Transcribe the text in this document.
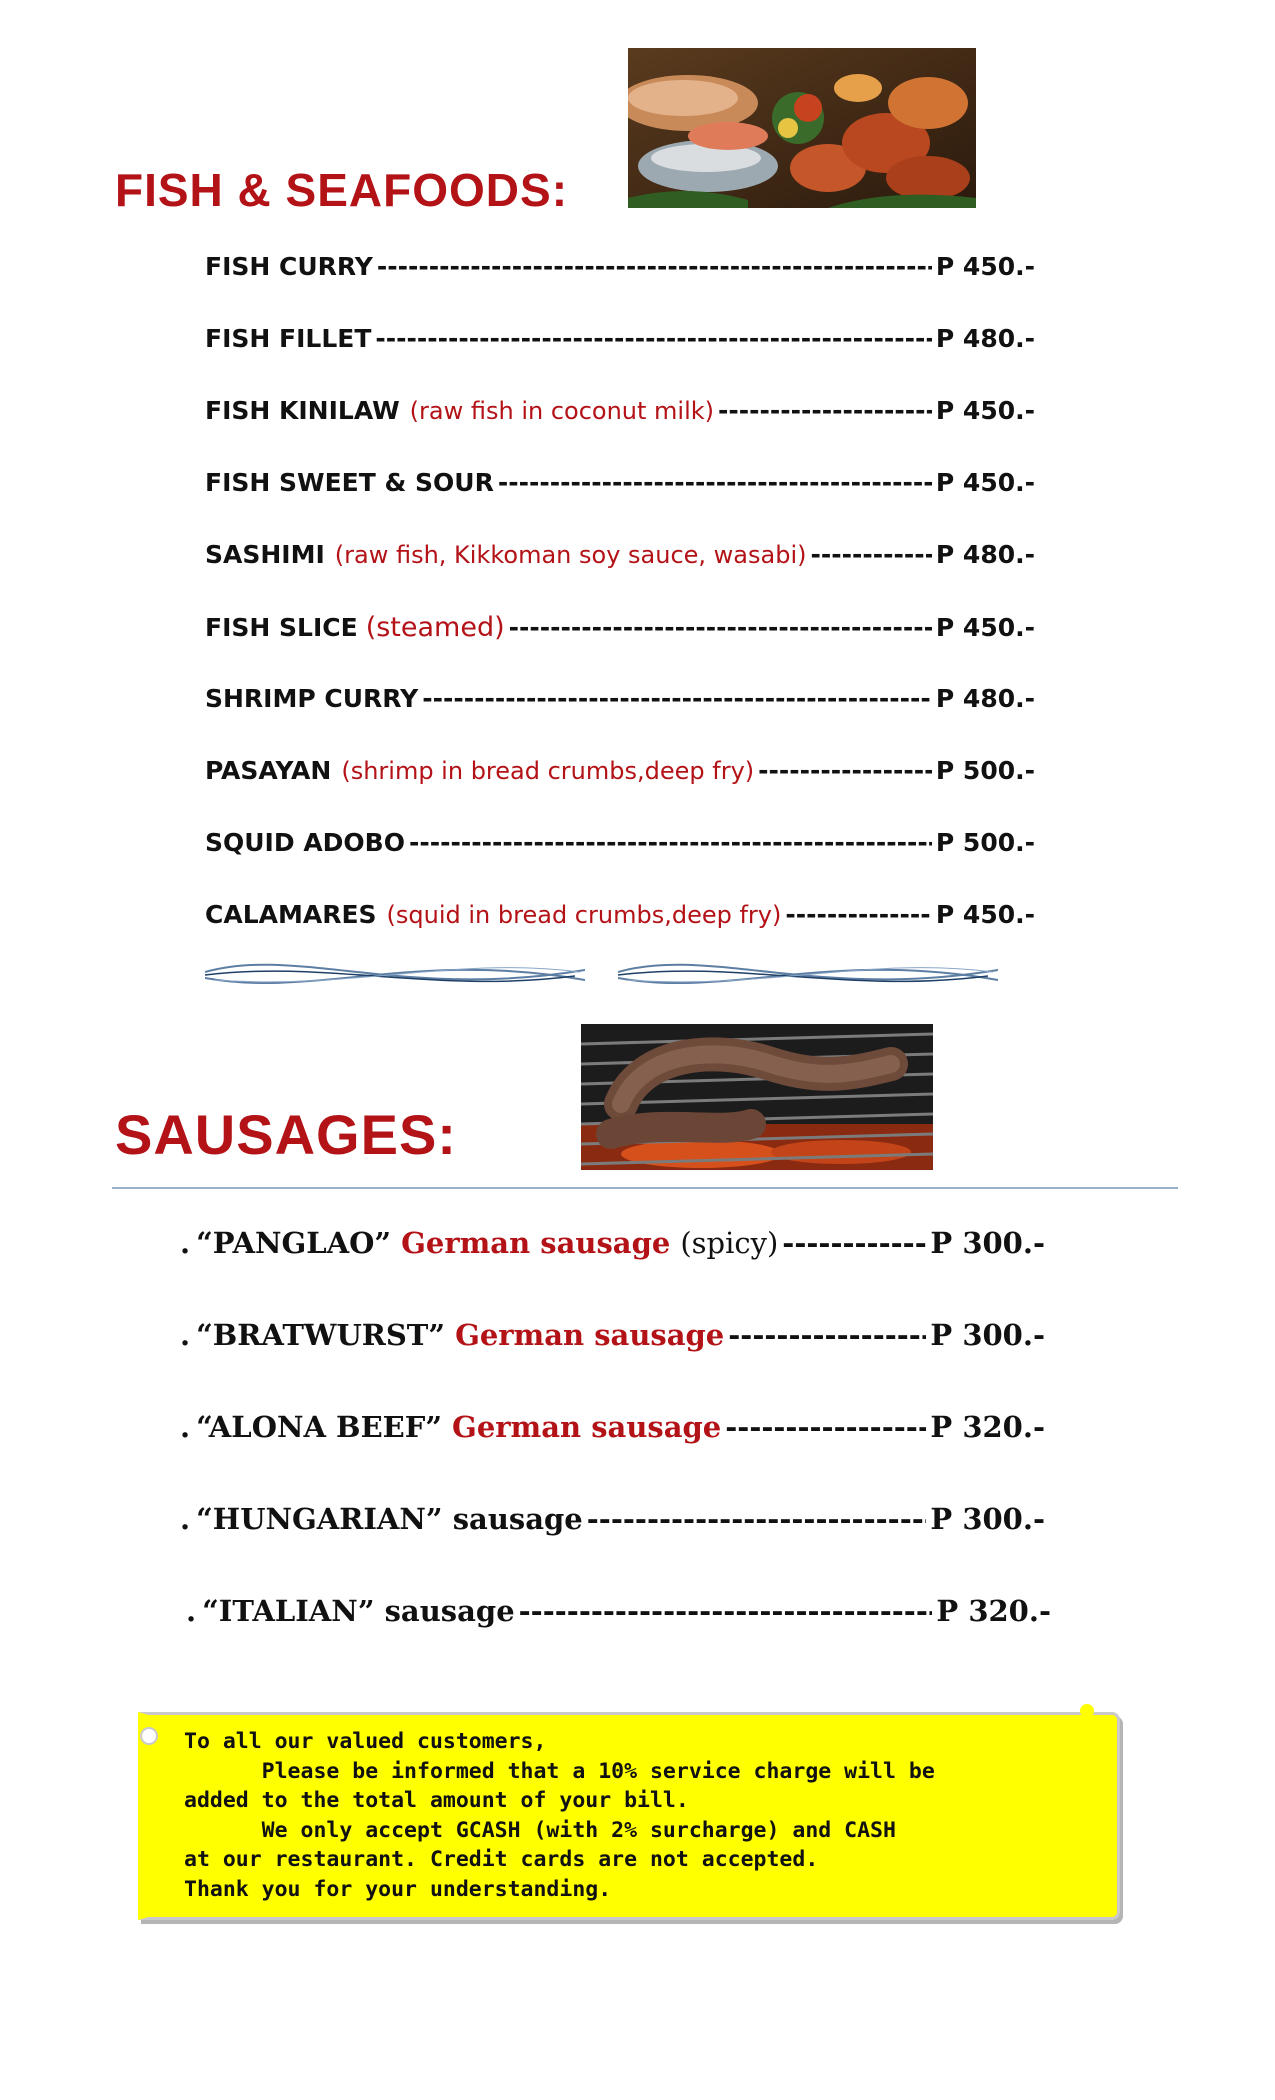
FISH & SEAFOODS:
FISH CURRY -----	P 450.-
FISH FILLET -----	P 480.-
FISH KINILAW (raw fish in coconut milk) -----	P 450.-
FISH SWEET & SOUR -----	P 450.-
SASHIMI (raw fish, Kikkoman soy sauce, wasabi) -----	P 480.-
FISH SLICE (steamed) -----	P 450.-
SHRIMP CURRY -----	P 480.-
PASAYAN (shrimp in bread crumbs,deep fry) -----	P 500.-
SQUID ADOBO -----	P 500.-
CALAMARES (squid in bread crumbs,deep fry) -----	P 450.-
SAUSAGES:
. “PANGLAO” German sausage (spicy) -----	P 300.-
. “BRATWURST” German sausage -----	P 300.-
. “ALONA BEEF” German sausage -----	P 320.-
. “HUNGARIAN” sausage -----	P 300.-
. “ITALIAN” sausage -----	P 320.-

To all our valued customers,

Please be informed that a 10% service charge will be

added to the total amount of your bill.

We only accept GCASH (with 2% surcharge) and CASH

at our restaurant. Credit cards are not accepted.

Thank you for your understanding.
